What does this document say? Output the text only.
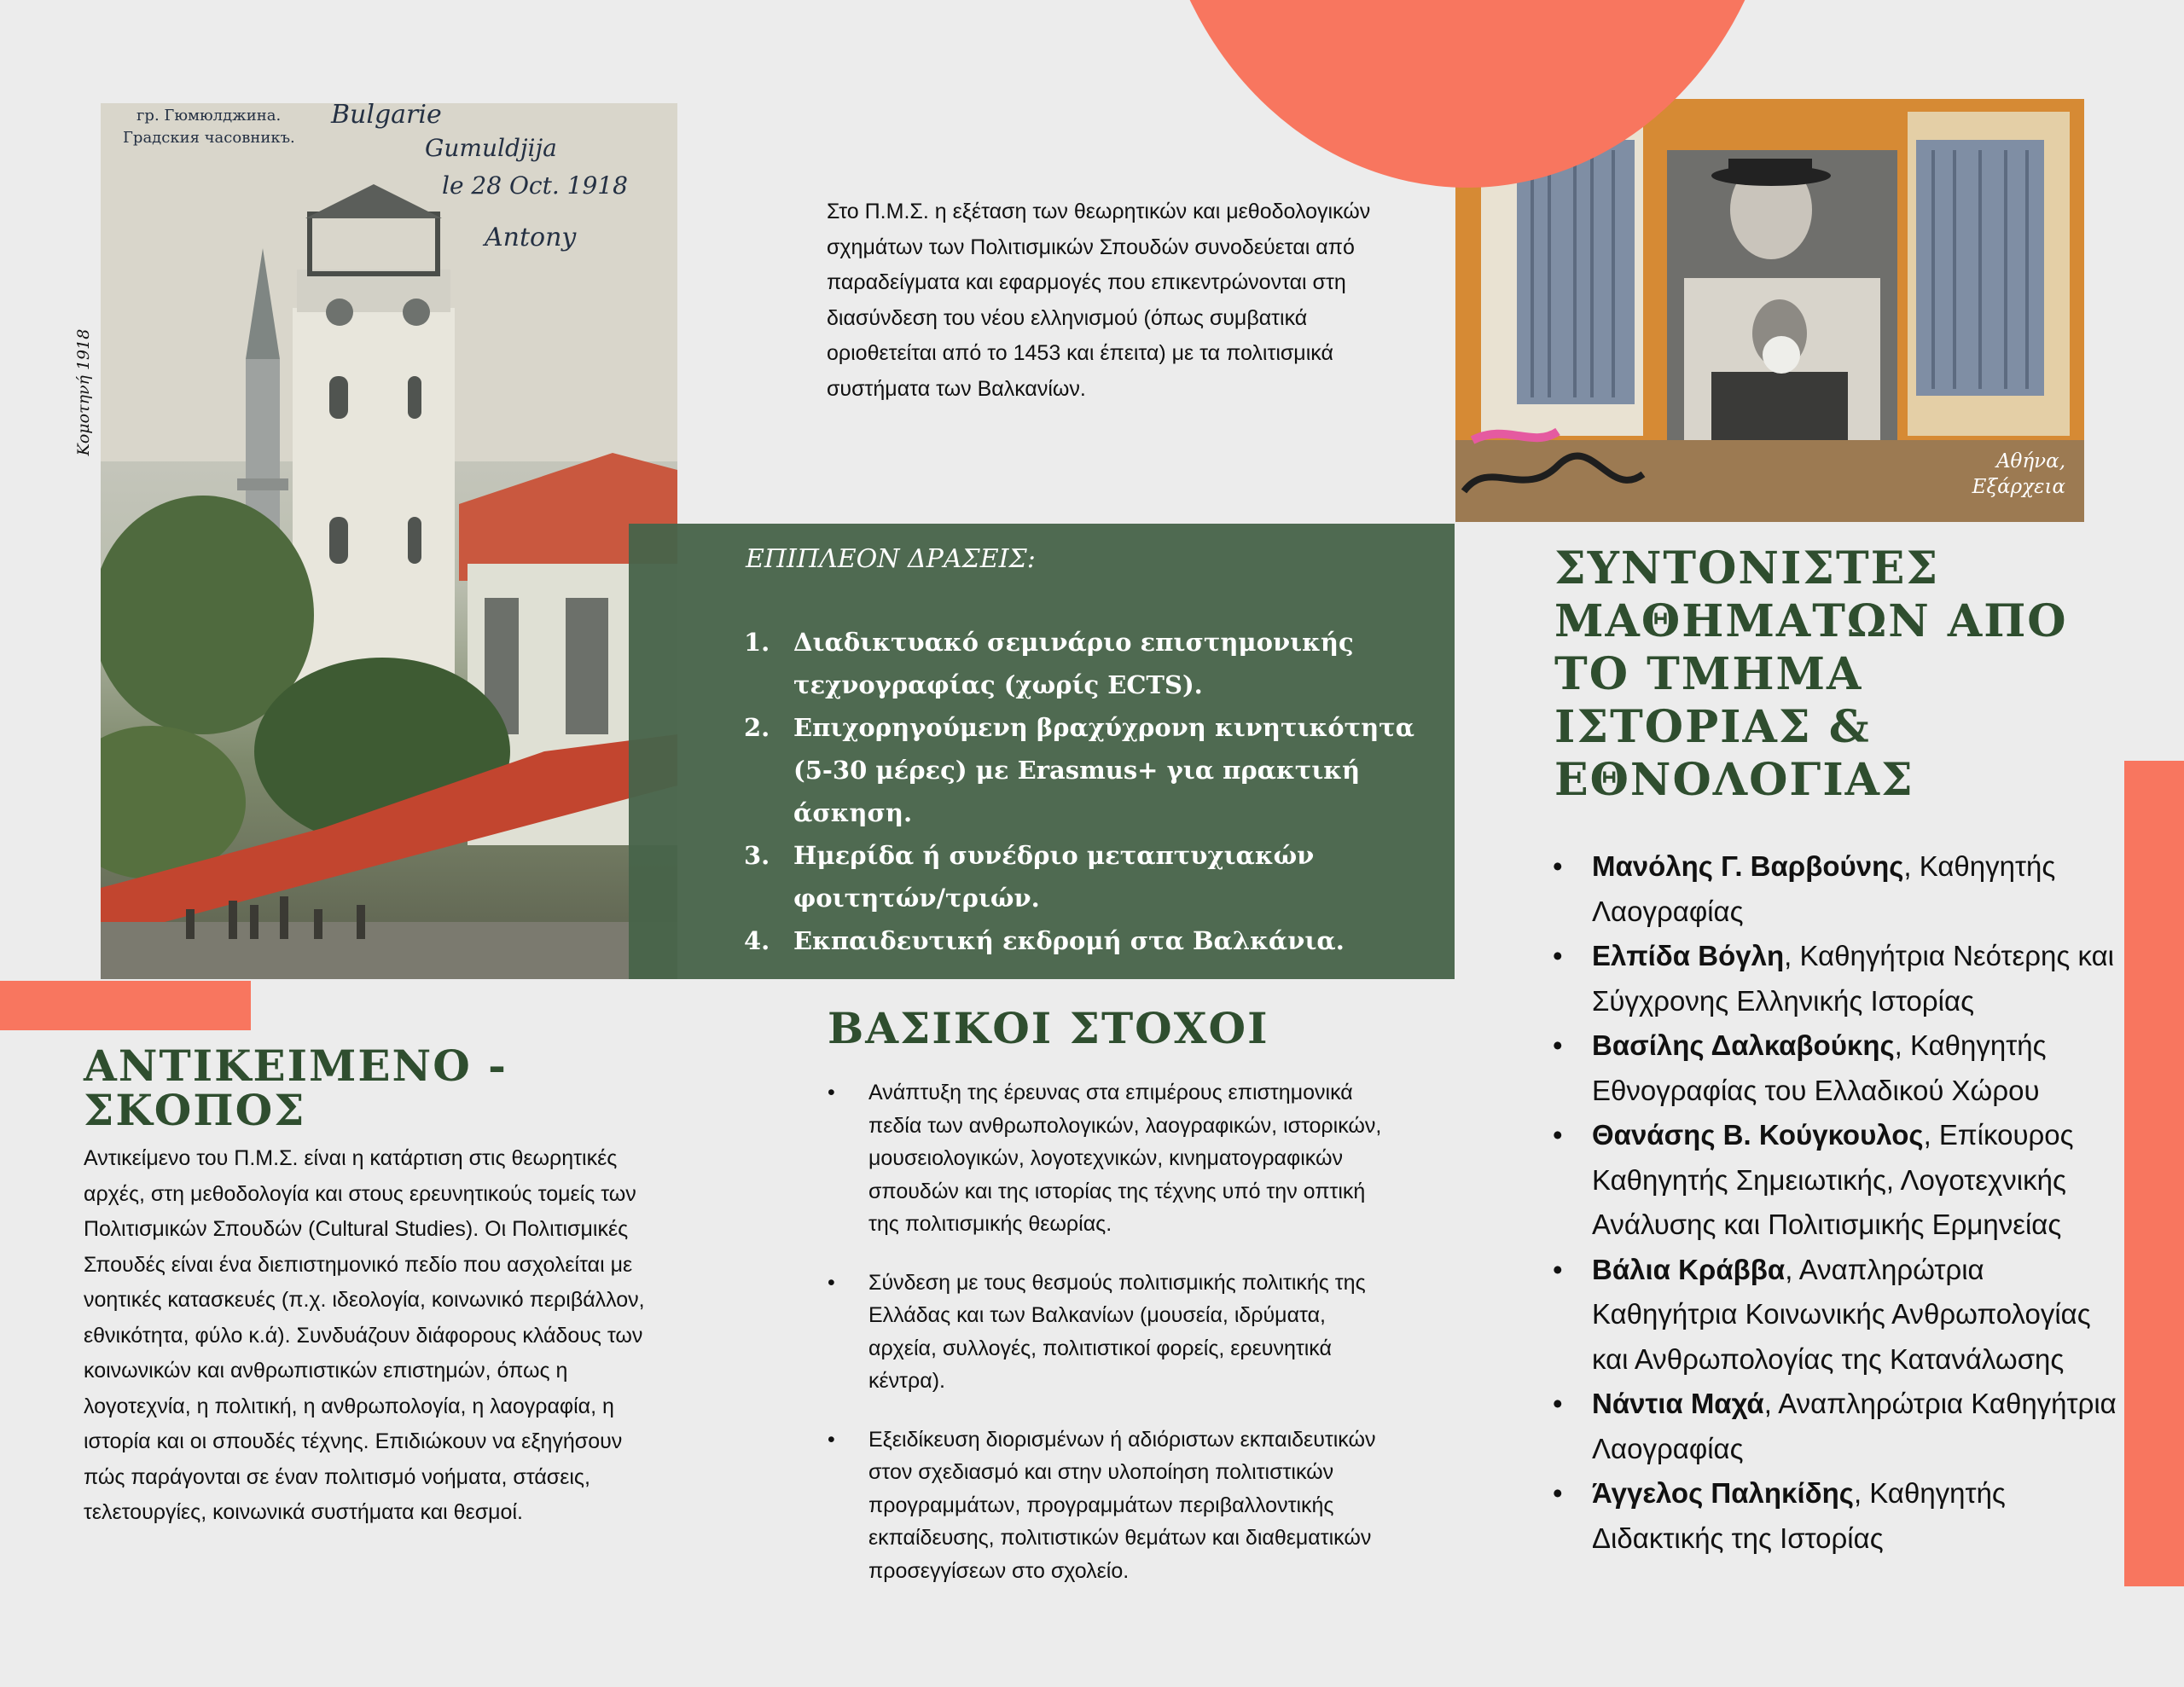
гр. Гюмюлджина.
Градския часовникъ.
Bulgarie
Gumuldjija
le 28 Oct. 1918
Antony
Κομοτηνή 1918
ΕΠΙΠΛΕΟΝ ΔΡΑΣΕΙΣ:
1. Διαδικτυακό σεμινάριο επιστημονικής τεχνογραφίας (χωρίς ECTS).
2. Επιχορηγούμενη βραχύχρονη κινητικότητα (5-30 μέρες) με Erasmus+ για πρακτική άσκηση.
3. Ημερίδα ή συνέδριο μεταπτυχιακών φοιτητών/τριών.
4. Εκπαιδευτική εκδρομή στα Βαλκάνια.
Στο Π.Μ.Σ. η εξέταση των θεωρητικών και μεθοδολογικών σχημάτων των Πολιτισμικών Σπουδών συνοδεύεται από παραδείγματα και εφαρμογές που επικεντρώνονται στη διασύνδεση του νέου ελληνισμού (όπως συμβατικά οριοθετείται από το 1453 και έπειτα) με τα πολιτισμικά συστήματα των Βαλκανίων.
Αθήνα,
Εξάρχεια
ΣΥΝΤΟΝΙΣΤΕΣ ΜΑΘΗΜΑΤΩΝ ΑΠΟ ΤΟ ΤΜΗΜΑ ΙΣΤΟΡΙΑΣ & ΕΘΝΟΛΟΓΙΑΣ
• Μανόλης Γ. Βαρβούνης, Καθηγητής Λαογραφίας
• Ελπίδα Βόγλη, Καθηγήτρια Νεότερης και Σύγχρονης Ελληνικής Ιστορίας
• Βασίλης Δαλκαβούκης, Καθηγητής Εθνογραφίας του Ελλαδικού Χώρου
• Θανάσης Β. Κούγκουλος, Επίκουρος Καθηγητής Σημειωτικής, Λογοτεχνικής Ανάλυσης και Πολιτισμικής Ερμηνείας
• Βάλια Κράββα, Αναπληρώτρια Καθηγήτρια Κοινωνικής Ανθρωπολογίας και Ανθρωπολογίας της Κατανάλωσης
• Νάντια Μαχά, Αναπληρώτρια Καθηγήτρια Λαογραφίας
• Άγγελος Παληκίδης, Καθηγητής Διδακτικής της Ιστορίας
ΒΑΣΙΚΟΙ ΣΤΟΧΟΙ
• Ανάπτυξη της έρευνας στα επιμέρους επιστημονικά πεδία των ανθρωπολογικών, λαογραφικών, ιστορικών, μουσειολογικών, λογοτεχνικών, κινηματογραφικών σπουδών και της ιστορίας της τέχνης υπό την οπτική της πολιτισμικής θεωρίας.
• Σύνδεση με τους θεσμούς πολιτισμικής πολιτικής της Ελλάδας και των Βαλκανίων (μουσεία, ιδρύματα, αρχεία, συλλογές, πολιτιστικοί φορείς, ερευνητικά κέντρα).
• Εξειδίκευση διορισμένων ή αδιόριστων εκπαιδευτικών στον σχεδιασμό και στην υλοποίηση πολιτιστικών προγραμμάτων, προγραμμάτων περιβαλλοντικής εκπαίδευσης, πολιτιστικών θεμάτων και διαθεματικών προσεγγίσεων στο σχολείο.
ΑΝΤΙΚΕΙΜΕΝΟ - ΣΚΟΠΟΣ
Αντικείμενο του Π.Μ.Σ. είναι η κατάρτιση στις θεωρητικές αρχές, στη μεθοδολογία και στους ερευνητικούς τομείς των Πολιτισμικών Σπουδών (Cultural Studies). Οι Πολιτισμικές Σπουδές είναι ένα διεπιστημονικό πεδίο που ασχολείται με νοητικές κατασκευές (π.χ. ιδεολογία, κοινωνικό περιβάλλον, εθνικότητα, φύλο κ.ά). Συνδυάζουν διάφορους κλάδους των κοινωνικών και ανθρωπιστικών επιστημών, όπως η λογοτεχνία, η πολιτική, η ανθρωπολογία, η λαογραφία, η ιστορία και οι σπουδές τέχνης. Επιδιώκουν να εξηγήσουν πώς παράγονται σε έναν πολιτισμό νοήματα, στάσεις, τελετουργίες, κοινωνικά συστήματα και θεσμοί.
